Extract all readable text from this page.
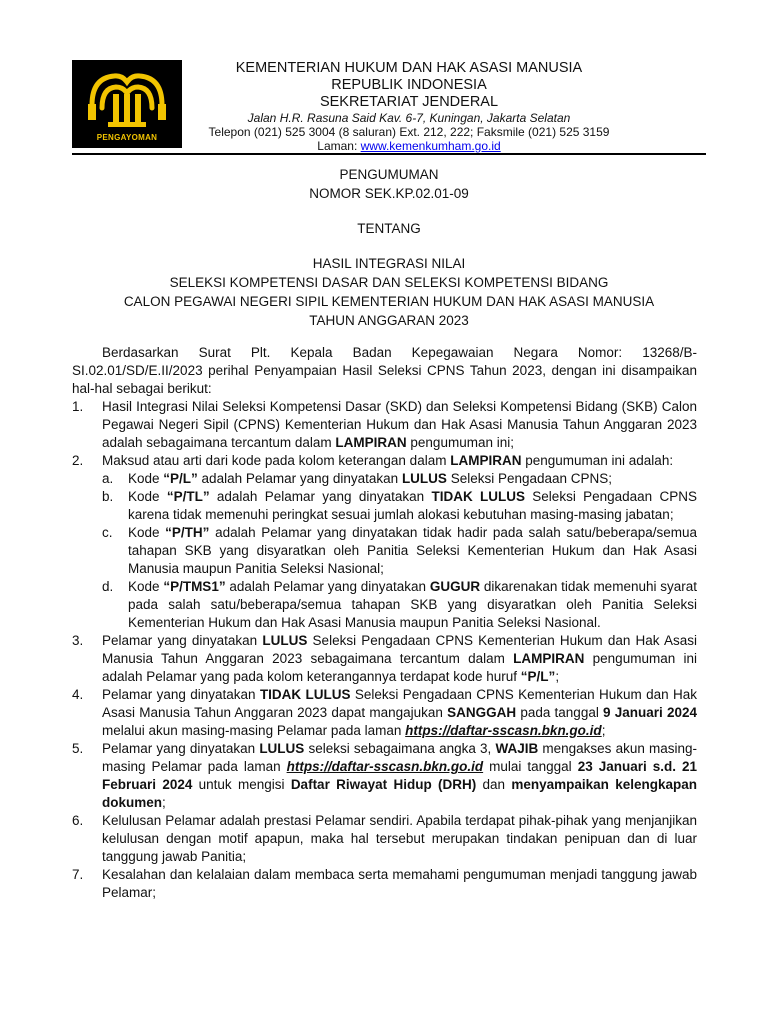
PENGAYOMAN
KEMENTERIAN HUKUM DAN HAK ASASI MANUSIA
REPUBLIK INDONESIA
SEKRETARIAT JENDERAL
Jalan H.R. Rasuna Said Kav. 6-7, Kuningan, Jakarta Selatan
Telepon (021) 525 3004 (8 saluran) Ext. 212, 222; Faksmile (021) 525 3159
Laman: www.kemenkumham.go.id
PENGUMUMAN
NOMOR SEK.KP.02.01-09
TENTANG
HASIL INTEGRASI NILAI
SELEKSI KOMPETENSI DASAR DAN SELEKSI KOMPETENSI BIDANG
CALON PEGAWAI NEGERI SIPIL KEMENTERIAN HUKUM DAN HAK ASASI MANUSIA
TAHUN ANGGARAN 2023

Berdasarkan Surat Plt. Kepala Badan Kepegawaian Negara Nomor: 13268/B-SI.02.01/SD/E.II/2023 perihal Penyampaian Hasil Seleksi CPNS Tahun 2023, dengan ini disampaikan hal-hal sebagai berikut:

1. Hasil Integrasi Nilai Seleksi Kompetensi Dasar (SKD) dan Seleksi Kompetensi Bidang (SKB) Calon Pegawai Negeri Sipil (CPNS) Kementerian Hukum dan Hak Asasi Manusia Tahun Anggaran 2023 adalah sebagaimana tercantum dalam LAMPIRAN pengumuman ini;
2. Maksud atau arti dari kode pada kolom keterangan dalam LAMPIRAN pengumuman ini adalah:
a. Kode “P/L” adalah Pelamar yang dinyatakan LULUS Seleksi Pengadaan CPNS;
b. Kode “P/TL” adalah Pelamar yang dinyatakan TIDAK LULUS Seleksi Pengadaan CPNS karena tidak memenuhi peringkat sesuai jumlah alokasi kebutuhan masing-masing jabatan;
c. Kode “P/TH” adalah Pelamar yang dinyatakan tidak hadir pada salah satu/beberapa/semua tahapan SKB yang disyaratkan oleh Panitia Seleksi Kementerian Hukum dan Hak Asasi Manusia maupun Panitia Seleksi Nasional;
d. Kode “P/TMS1” adalah Pelamar yang dinyatakan GUGUR dikarenakan tidak memenuhi syarat pada salah satu/beberapa/semua tahapan SKB yang disyaratkan oleh Panitia Seleksi Kementerian Hukum dan Hak Asasi Manusia maupun Panitia Seleksi Nasional.
3. Pelamar yang dinyatakan LULUS Seleksi Pengadaan CPNS Kementerian Hukum dan Hak Asasi Manusia Tahun Anggaran 2023 sebagaimana tercantum dalam LAMPIRAN pengumuman ini adalah Pelamar yang pada kolom keterangannya terdapat kode huruf “P/L”;
4. Pelamar yang dinyatakan TIDAK LULUS Seleksi Pengadaan CPNS Kementerian Hukum dan Hak Asasi Manusia Tahun Anggaran 2023 dapat mangajukan SANGGAH pada tanggal 9 Januari 2024 melalui akun masing-masing Pelamar pada laman https://daftar-sscasn.bkn.go.id;
5. Pelamar yang dinyatakan LULUS seleksi sebagaimana angka 3, WAJIB mengakses akun masing-masing Pelamar pada laman https://daftar-sscasn.bkn.go.id mulai tanggal 23 Januari s.d. 21 Februari 2024 untuk mengisi Daftar Riwayat Hidup (DRH) dan menyampaikan kelengkapan dokumen;
6. Kelulusan Pelamar adalah prestasi Pelamar sendiri. Apabila terdapat pihak-pihak yang menjanjikan kelulusan dengan motif apapun, maka hal tersebut merupakan tindakan penipuan dan di luar tanggung jawab Panitia;
7. Kesalahan dan kelalaian dalam membaca serta memahami pengumuman menjadi tanggung jawab Pelamar;
